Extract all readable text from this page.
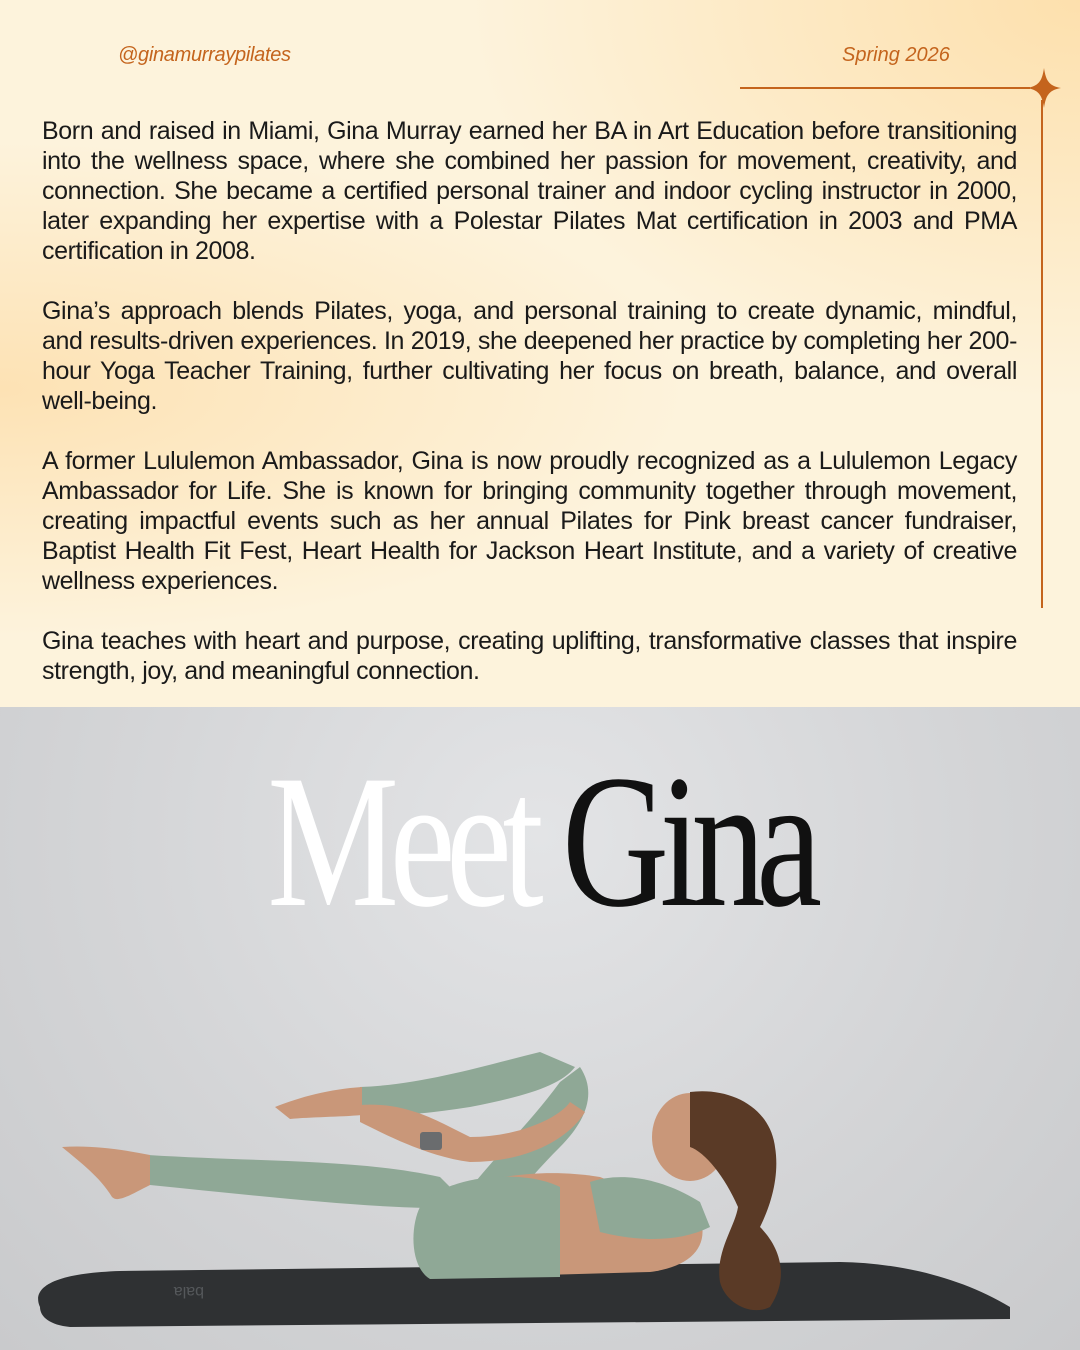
@ginamurraypilates	Spring 2026

Born and raised in Miami, Gina Murray earned her BA in Art Education before transitioning into the wellness space, where she combined her passion for movement, creativity, and connection. She became a certified personal trainer and indoor cycling instructor in 2000, later expanding her expertise with a Polestar Pilates Mat certification in 2003 and PMA certification in 2008.

Gina’s approach blends Pilates, yoga, and personal training to create dynamic, mindful, and results-driven experiences. In 2019, she deepened her practice by completing her 200-hour Yoga Teacher Training, further cultivating her focus on breath, balance, and overall well-being.

A former Lululemon Ambassador, Gina is now proudly recognized as a Lululemon Legacy Ambassador for Life. She is known for bringing community together through movement, creating impactful events such as her annual Pilates for Pink breast cancer fundraiser, Baptist Health Fit Fest, Heart Health for Jackson Heart Institute, and a variety of creative wellness experiences.

Gina teaches with heart and purpose, creating uplifting, transformative classes that inspire strength, joy, and meaningful connection.

bala
Meet Gina
